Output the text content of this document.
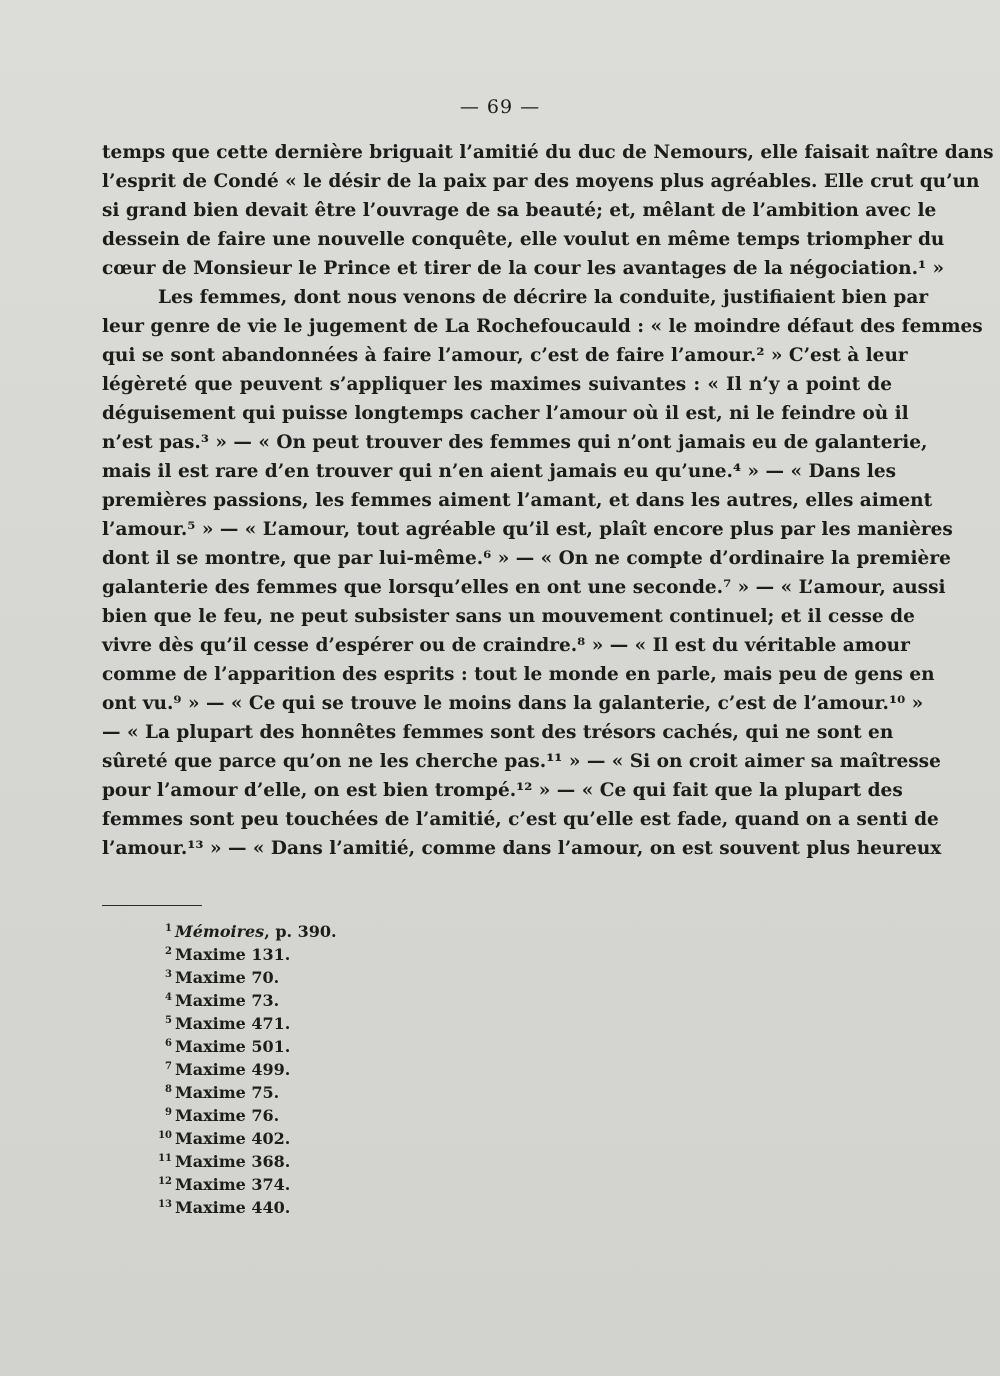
— 69 —
temps que cette dernière briguait l’amitié du duc de Nemours, elle faisait naître dans
l’esprit de Condé « le désir de la paix par des moyens plus agréables. Elle crut qu’un
si grand bien devait être l’ouvrage de sa beauté; et, mêlant de l’ambition avec le
dessein de faire une nouvelle conquête, elle voulut en même temps triompher du
cœur de Monsieur le Prince et tirer de la cour les avantages de la négociation.¹ »
Les femmes, dont nous venons de décrire la conduite, justifiaient bien par
leur genre de vie le jugement de La Rochefoucauld : « le moindre défaut des femmes
qui se sont abandonnées à faire l’amour, c’est de faire l’amour.² » C’est à leur
légèreté que peuvent s’appliquer les maximes suivantes : « Il n’y a point de
déguisement qui puisse longtemps cacher l’amour où il est, ni le feindre où il
n’est pas.³ » — « On peut trouver des femmes qui n’ont jamais eu de galanterie,
mais il est rare d’en trouver qui n’en aient jamais eu qu’une.⁴ » — « Dans les
premières passions, les femmes aiment l’amant, et dans les autres, elles aiment
l’amour.⁵ » — « L’amour, tout agréable qu’il est, plaît encore plus par les manières
dont il se montre, que par lui-même.⁶ » — « On ne compte d’ordinaire la première
galanterie des femmes que lorsqu’elles en ont une seconde.⁷ » — « L’amour, aussi
bien que le feu, ne peut subsister sans un mouvement continuel; et il cesse de
vivre dès qu’il cesse d’espérer ou de craindre.⁸ » — « Il est du véritable amour
comme de l’apparition des esprits : tout le monde en parle, mais peu de gens en
ont vu.⁹ » — « Ce qui se trouve le moins dans la galanterie, c’est de l’amour.¹⁰ »
— « La plupart des honnêtes femmes sont des trésors cachés, qui ne sont en
sûreté que parce qu’on ne les cherche pas.¹¹ » — « Si on croit aimer sa maîtresse
pour l’amour d’elle, on est bien trompé.¹² » — « Ce qui fait que la plupart des
femmes sont peu touchées de l’amitié, c’est qu’elle est fade, quand on a senti de
l’amour.¹³ » — « Dans l’amitié, comme dans l’amour, on est souvent plus heureux
1 Mémoires, p. 390.
2 Maxime 131.
3 Maxime 70.
4 Maxime 73.
5 Maxime 471.
6 Maxime 501.
7 Maxime 499.
8 Maxime 75.
9 Maxime 76.
10 Maxime 402.
11 Maxime 368.
12 Maxime 374.
13 Maxime 440.
